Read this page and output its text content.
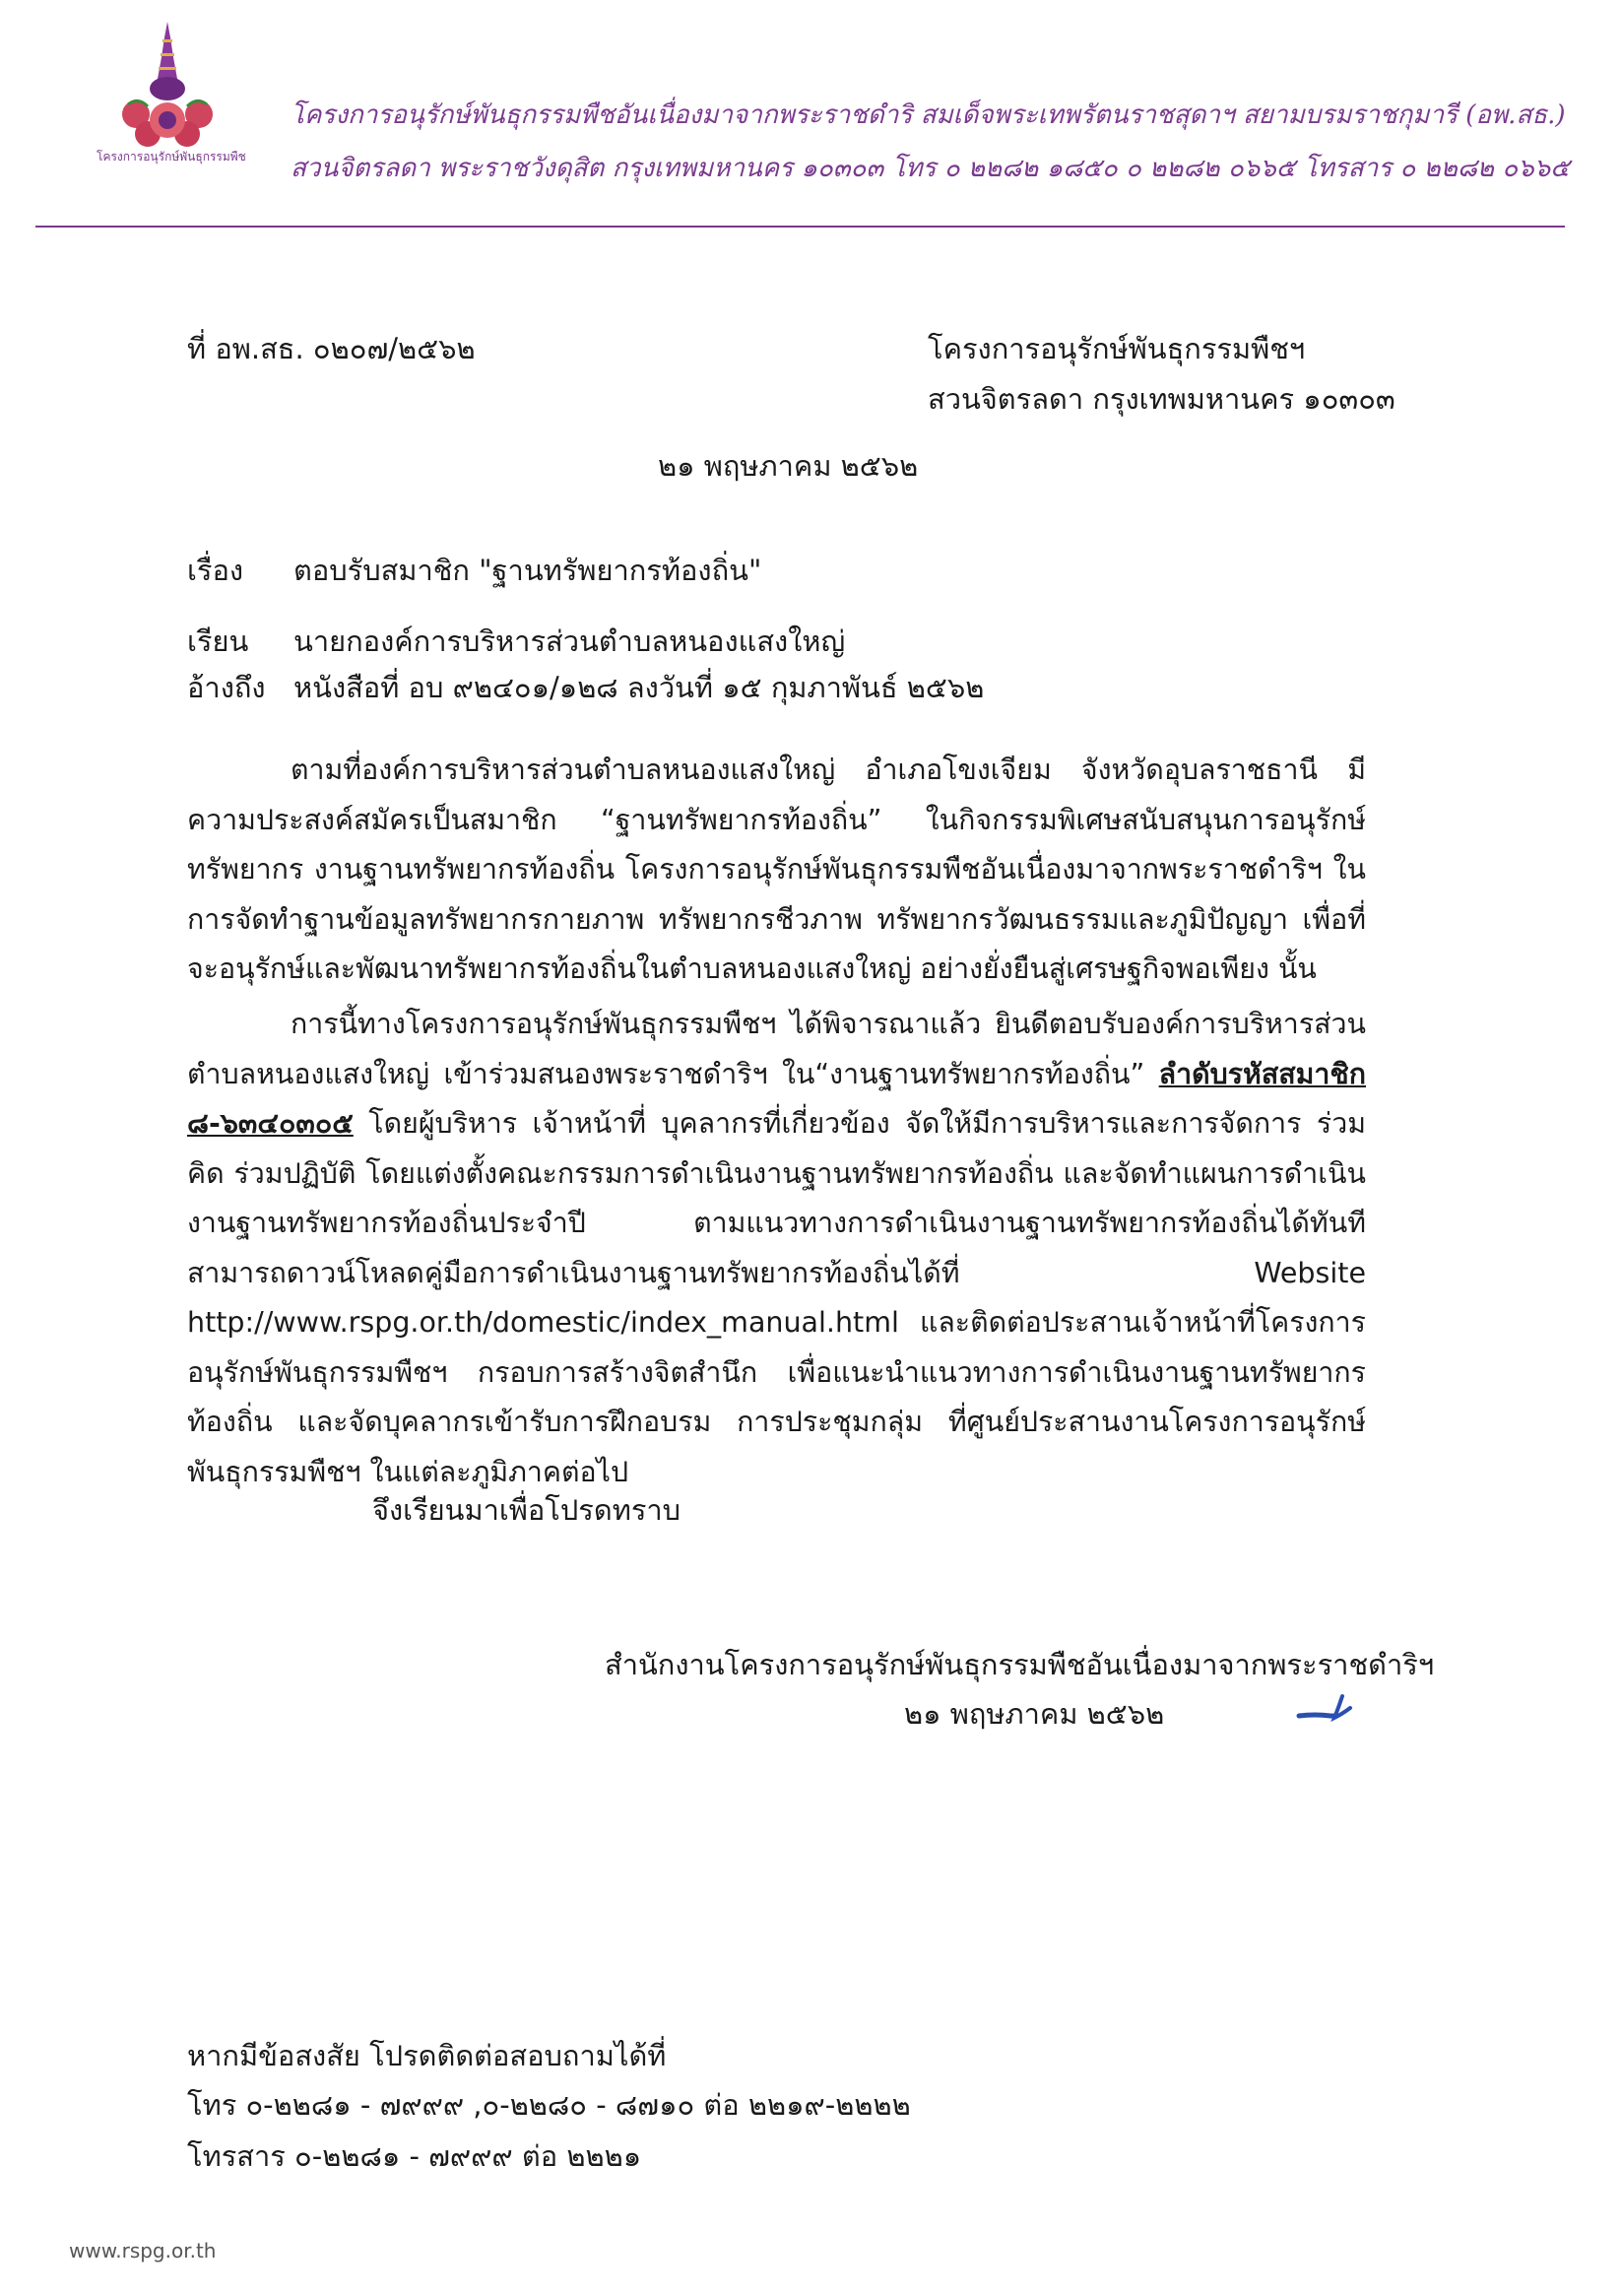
โครงการอนุรักษ์พันธุกรรมพืช
โครงการอนุรักษ์พันธุกรรมพืชอันเนื่องมาจากพระราชดำริ สมเด็จพระเทพรัตนราชสุดาฯ สยามบรมราชกุมารี (อพ.สธ.)
สวนจิตรลดา พระราชวังดุสิต กรุงเทพมหานคร ๑๐๓๐๓ โทร ๐ ๒๒๘๒ ๑๘๕๐ ๐ ๒๒๘๒ ๐๖๖๕ โทรสาร ๐ ๒๒๘๒ ๐๖๖๕
ที่ อพ.สธ. ๐๒๐๗/๒๕๖๒	โครงการอนุรักษ์พันธุกรรมพืชฯ
สวนจิตรลดา กรุงเทพมหานคร ๑๐๓๐๓
๒๑ พฤษภาคม ๒๕๖๒
เรื่อง ตอบรับสมาชิก "ฐานทรัพยากรท้องถิ่น"
เรียน นายกองค์การบริหารส่วนตำบลหนองแสงใหญ่
อ้างถึง หนังสือที่ อบ ๙๒๔๐๑/๑๒๘ ลงวันที่ ๑๕ กุมภาพันธ์ ๒๕๖๒
ตามที่องค์การบริหารส่วนตำบลหนองแสงใหญ่ อำเภอโขงเจียม จังหวัดอุบลราชธานี มีความประสงค์สมัครเป็นสมาชิก “ฐานทรัพยากรท้องถิ่น” ในกิจกรรมพิเศษสนับสนุนการอนุรักษ์ทรัพยากร งานฐานทรัพยากรท้องถิ่น โครงการอนุรักษ์พันธุกรรมพืชอันเนื่องมาจากพระราชดำริฯ ในการจัดทำฐานข้อมูลทรัพยากรกายภาพ ทรัพยากรชีวภาพ ทรัพยากรวัฒนธรรมและภูมิปัญญา เพื่อที่จะอนุรักษ์และพัฒนาทรัพยากรท้องถิ่นในตำบลหนองแสงใหญ่ อย่างยั่งยืนสู่เศรษฐกิจพอเพียง นั้น
การนี้ทางโครงการอนุรักษ์พันธุกรรมพืชฯ ได้พิจารณาแล้ว ยินดีตอบรับองค์การบริหารส่วนตำบลหนองแสงใหญ่ เข้าร่วมสนองพระราชดำริฯ ใน“งานฐานทรัพยากรท้องถิ่น” ลำดับรหัสสมาชิก ๘-๖๓๔๐๓๐๕ โดยผู้บริหาร เจ้าหน้าที่ บุคลากรที่เกี่ยวข้อง จัดให้มีการบริหารและการจัดการ ร่วมคิด ร่วมปฏิบัติ โดยแต่งตั้งคณะกรรมการดำเนินงานฐานทรัพยากรท้องถิ่น และจัดทำแผนการดำเนินงานฐานทรัพยากรท้องถิ่นประจำปี ตามแนวทางการดำเนินงานฐานทรัพยากรท้องถิ่นได้ทันที สามารถดาวน์โหลดคู่มือการดำเนินงานฐานทรัพยากรท้องถิ่นได้ที่ Website http://www.rspg.or.th/domestic/index_manual.html และติดต่อประสานเจ้าหน้าที่โครงการอนุรักษ์พันธุกรรมพืชฯ กรอบการสร้างจิตสำนึก เพื่อแนะนำแนวทางการดำเนินงานฐานทรัพยากรท้องถิ่น และจัดบุคลากรเข้ารับการฝึกอบรม การประชุมกลุ่ม ที่ศูนย์ประสานงานโครงการอนุรักษ์พันธุกรรมพืชฯ ในแต่ละภูมิภาคต่อไป
จึงเรียนมาเพื่อโปรดทราบ
สำนักงานโครงการอนุรักษ์พันธุกรรมพืชอันเนื่องมาจากพระราชดำริฯ
๒๑ พฤษภาคม ๒๕๖๒
หากมีข้อสงสัย โปรดติดต่อสอบถามได้ที่
โทร ๐-๒๒๘๑ - ๗๙๙๙ ,๐-๒๒๘๐ - ๘๗๑๐ ต่อ ๒๒๑๙-๒๒๒๒
โทรสาร ๐-๒๒๘๑ - ๗๙๙๙ ต่อ ๒๒๒๑
www.rspg.or.th
